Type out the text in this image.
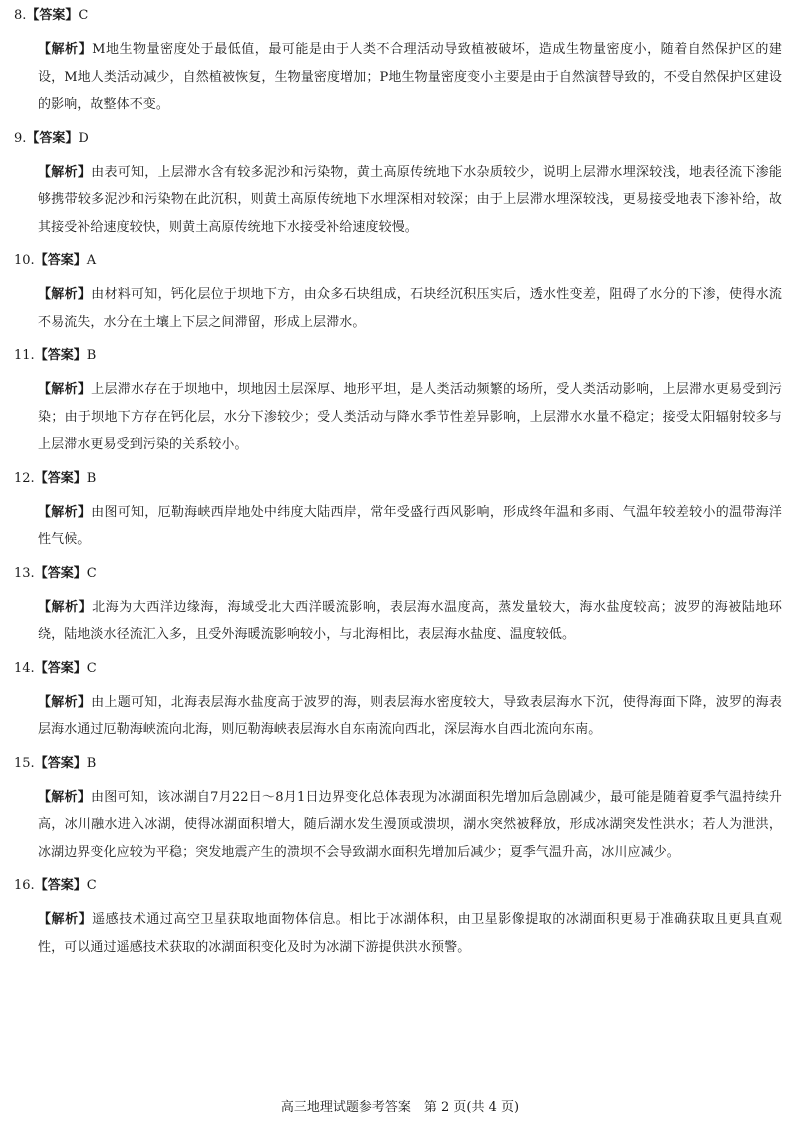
8.【答案】C
【解析】M地生物量密度处于最低值，最可能是由于人类不合理活动导致植被破坏，造成生物量密度小，随着自然保护区的建设，M地人类活动减少，自然植被恢复，生物量密度增加；P地生物量密度变小主要是由于自然演替导致的，不受自然保护区建设的影响，故整体不变。
9.【答案】D
【解析】由表可知，上层滞水含有较多泥沙和污染物，黄土高原传统地下水杂质较少，说明上层滞水埋深较浅，地表径流下渗能够携带较多泥沙和污染物在此沉积，则黄土高原传统地下水埋深相对较深；由于上层滞水埋深较浅，更易接受地表下渗补给，故其接受补给速度较快，则黄土高原传统地下水接受补给速度较慢。
10.【答案】A
【解析】由材料可知，钙化层位于坝地下方，由众多石块组成，石块经沉积压实后，透水性变差，阻碍了水分的下渗，使得水流不易流失，水分在土壤上下层之间滞留，形成上层滞水。
11.【答案】B
【解析】上层滞水存在于坝地中，坝地因土层深厚、地形平坦，是人类活动频繁的场所，受人类活动影响，上层滞水更易受到污染；由于坝地下方存在钙化层，水分下渗较少；受人类活动与降水季节性差异影响，上层滞水水量不稳定；接受太阳辐射较多与上层滞水更易受到污染的关系较小。
12.【答案】B
【解析】由图可知，厄勒海峡西岸地处中纬度大陆西岸，常年受盛行西风影响，形成终年温和多雨、气温年较差较小的温带海洋性气候。
13.【答案】C
【解析】北海为大西洋边缘海，海域受北大西洋暖流影响，表层海水温度高，蒸发量较大，海水盐度较高；波罗的海被陆地环绕，陆地淡水径流汇入多，且受外海暖流影响较小，与北海相比，表层海水盐度、温度较低。
14.【答案】C
【解析】由上题可知，北海表层海水盐度高于波罗的海，则表层海水密度较大，导致表层海水下沉，使得海面下降，波罗的海表层海水通过厄勒海峡流向北海，则厄勒海峡表层海水自东南流向西北，深层海水自西北流向东南。
15.【答案】B
【解析】由图可知，该冰湖自7月22日～8月1日边界变化总体表现为冰湖面积先增加后急剧减少，最可能是随着夏季气温持续升高，冰川融水进入冰湖，使得冰湖面积增大，随后湖水发生漫顶或溃坝，湖水突然被释放，形成冰湖突发性洪水；若人为泄洪，冰湖边界变化应较为平稳；突发地震产生的溃坝不会导致湖水面积先增加后减少；夏季气温升高，冰川应减少。
16.【答案】C
【解析】遥感技术通过高空卫星获取地面物体信息。相比于冰湖体积，由卫星影像提取的冰湖面积更易于准确获取且更具直观性，可以通过遥感技术获取的冰湖面积变化及时为冰湖下游提供洪水预警。
高三地理试题参考答案　第 2 页(共 4 页)
